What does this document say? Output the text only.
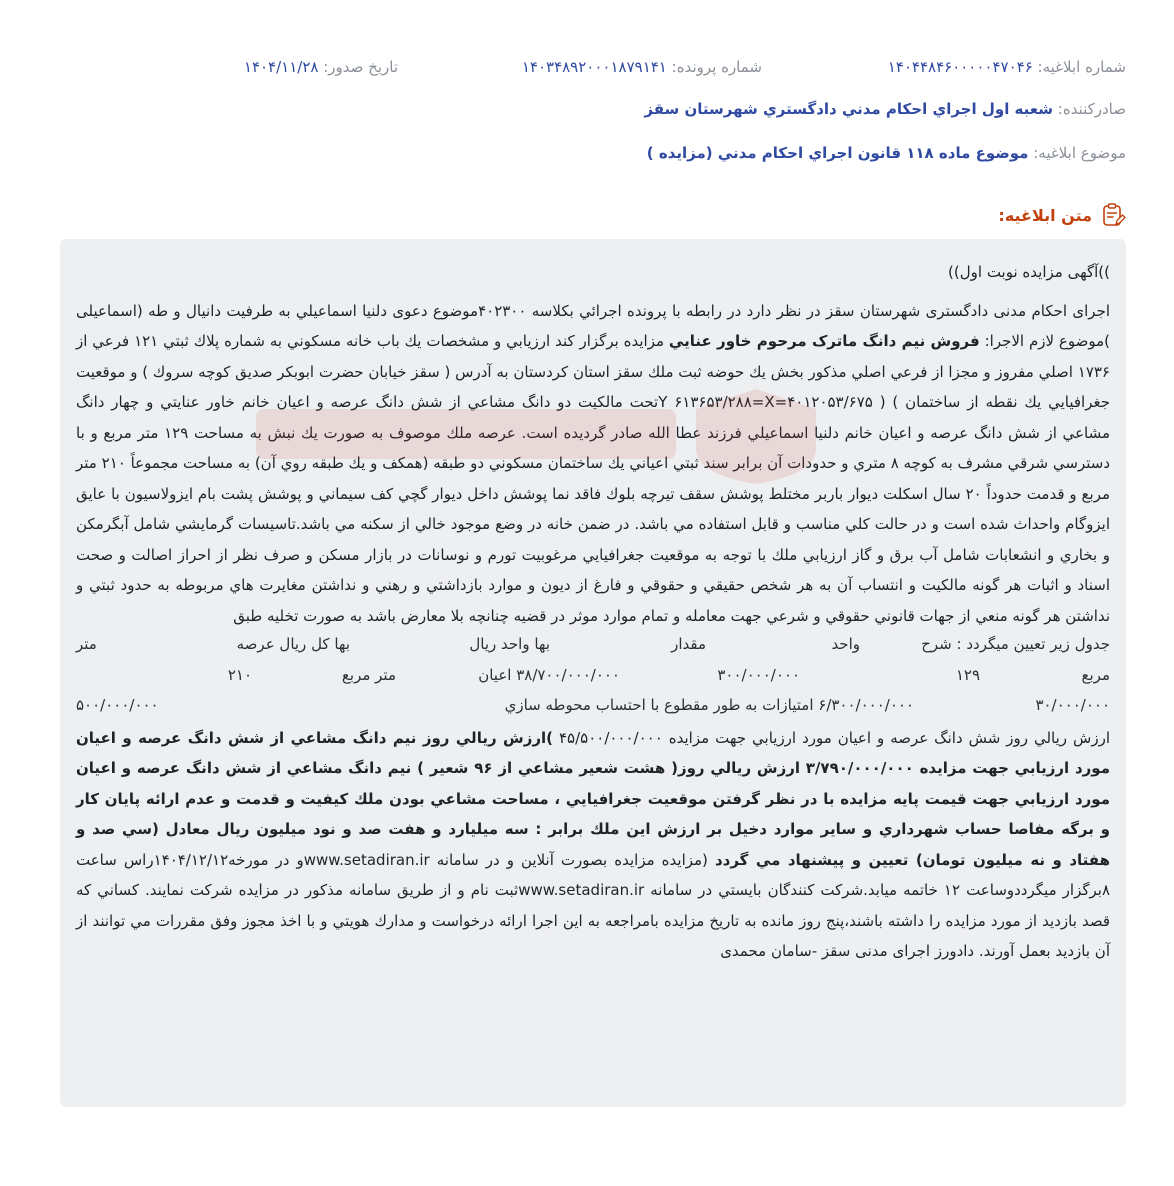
شماره ابلاغیه: ۱۴۰۴۴۸۴۶۰۰۰۰۰۴۷۰۴۶
شماره پرونده: ۱۴۰۳۴۸۹۲۰۰۰۱۸۷۹۱۴۱
تاریخ صدور: ۱۴۰۴/۱۱/۲۸
صادرکننده: شعبه اول اجراي احكام مدني دادگستري شهرستان سقز
موضوع ابلاغیه: موضوع ماده ۱۱۸ قانون اجراي احكام مدني (مزايده )
متن ابلاغیه:

))آگهی مزایده نوبت اول))

اجرای احکام مدنی دادگستری شهرستان سقز در نظر دارد در رابطه با پرونده اجرائي بكلاسه ۴۰۲۳۰۰موضوع دعوی دلنيا اسماعيلي به طرفيت دانيال و طه (اسماعيلی )موضوع لازم الاجرا: فروش نيم دانگ ماترک مرحوم خاور عنايي مزايده برگزار كند ارزيابي و مشخصات يك باب خانه مسكوني به شماره پلاك ثبتي ۱۲۱ فرعي از ۱۷۳۶ اصلي مفروز و مجزا از فرعي اصلي مذكور بخش يك حوضه ثبت ملك سقز استان كردستان به آدرس ( سقز خيابان حضرت ابوبكر صديق كوچه سروك ) و موقعيت جغرافيايي يك نقطه از ساختمان ) ( ۴۰۱۲۰۵۳/۶۷۵=Y ۶۱۳۶۵۳/۲۸۸=Xتحت مالكيت دو دانگ مشاعي از شش دانگ عرصه و اعيان خانم خاور عنايتي و چهار دانگ مشاعي از شش دانگ عرصه و اعيان خانم دلنيا اسماعيلي فرزند عطا الله صادر گرديده است. عرصه ملك موصوف به صورت يك نبش به مساحت ۱۲۹ متر مربع و با دسترسي شرقي مشرف به كوچه ۸ متري و حدودات آن برابر سند ثبتي اعياني يك ساختمان مسكوني دو طبقه (همكف و يك طبقه روي آن) به مساحت مجموعاً ۲۱۰ متر مربع و قدمت حدوداً ۲۰ سال اسكلت ديوار باربر مختلط پوشش سقف تيرچه بلوك فاقد نما پوشش داخل ديوار گچي كف سيماني و پوشش پشت بام ايزولاسيون با عايق ايزوگام واحداث شده است و در حالت كلي مناسب و قابل استفاده مي باشد. در ضمن خانه در وضع موجود خالي از سكنه مي باشد.تاسيسات گرمايشي شامل آبگرمكن و بخاري و انشعابات شامل آب برق و گاز ارزيابي ملك با توجه به موقعيت جغرافيايي مرغوبيت تورم و نوسانات در بازار مسكن و صرف نظر از احراز اصالت و صحت اسناد و اثبات هر گونه مالكيت و انتساب آن به هر شخص حقيقي و حقوقي و فارغ از ديون و موارد بازداشتي و رهني و نداشتن مغايرت هاي مربوطه به حدود ثبتي و نداشتن هر گونه منعي از جهات قانوني حقوقي و شرعي جهت معامله و تمام موارد موثر در قضيه چنانچه بلا معارض باشد به صورت تخليه طبق

جدول زير تعيين ميگردد : شرح
واحد
مقدار
بها واحد ريال
بها كل ريال عرصه
متر
مربع
۱۲۹
۳۰۰/۰۰۰/۰۰۰
۳۸/۷۰۰/۰۰۰/۰۰۰ اعيان
متر مربع
۲۱۰
۳۰/۰۰۰/۰۰۰
۶/۳۰۰/۰۰۰/۰۰۰ امتيازات به طور مقطوع با احتساب محوطه سازي
۵۰۰/۰۰۰/۰۰۰

ارزش ريالي روز شش دانگ عرصه و اعيان مورد ارزيابي جهت مزايده ۴۵/۵۰۰/۰۰۰/۰۰۰ )ارزش ريالي روز نيم دانگ مشاعي از شش دانگ عرصه و اعيان مورد ارزيابي جهت مزايده ۳/۷۹۰/۰۰۰/۰۰۰ ارزش ريالي روز( هشت شعير مشاعي از ۹۶ شعير ) نيم دانگ مشاعي از شش دانگ عرصه و اعيان مورد ارزيابي جهت قيمت پايه مزايده با در نظر گرفتن موقعيت جغرافيايي ، مساحت مشاعي بودن ملك كيفيت و قدمت و عدم ارائه پايان كار و برگه مفاصا حساب شهرداري و ساير موارد دخيل بر ارزش اين ملك برابر : سه ميليارد و هفت صد و نود ميليون ريال معادل (سي صد و هفتاد و نه ميليون تومان) تعيين و پيشنهاد مي گردد (مزايده مزايده بصورت آنلاين و در سامانه www.setadiran.irو در مورخه۱۴۰۴/۱۲/۱۲راس ساعت ۸برگزار ميگرددوساعت ۱۲ خاتمه ميابد.شركت كنندگان بايستي در سامانه www.setadiran.irثبت نام و از طريق سامانه مذكور در مزايده شركت نمايند. كساني كه قصد بازديد از مورد مزايده را داشته باشند،پنج روز مانده به تاريخ مزايده بامراجعه به اين اجرا ارائه درخواست و مدارك هويتي و با اخذ مجوز وفق مقررات مي توانند از آن بازديد بعمل آورند. دادورز اجرای مدنی سقز -سامان محمدی
